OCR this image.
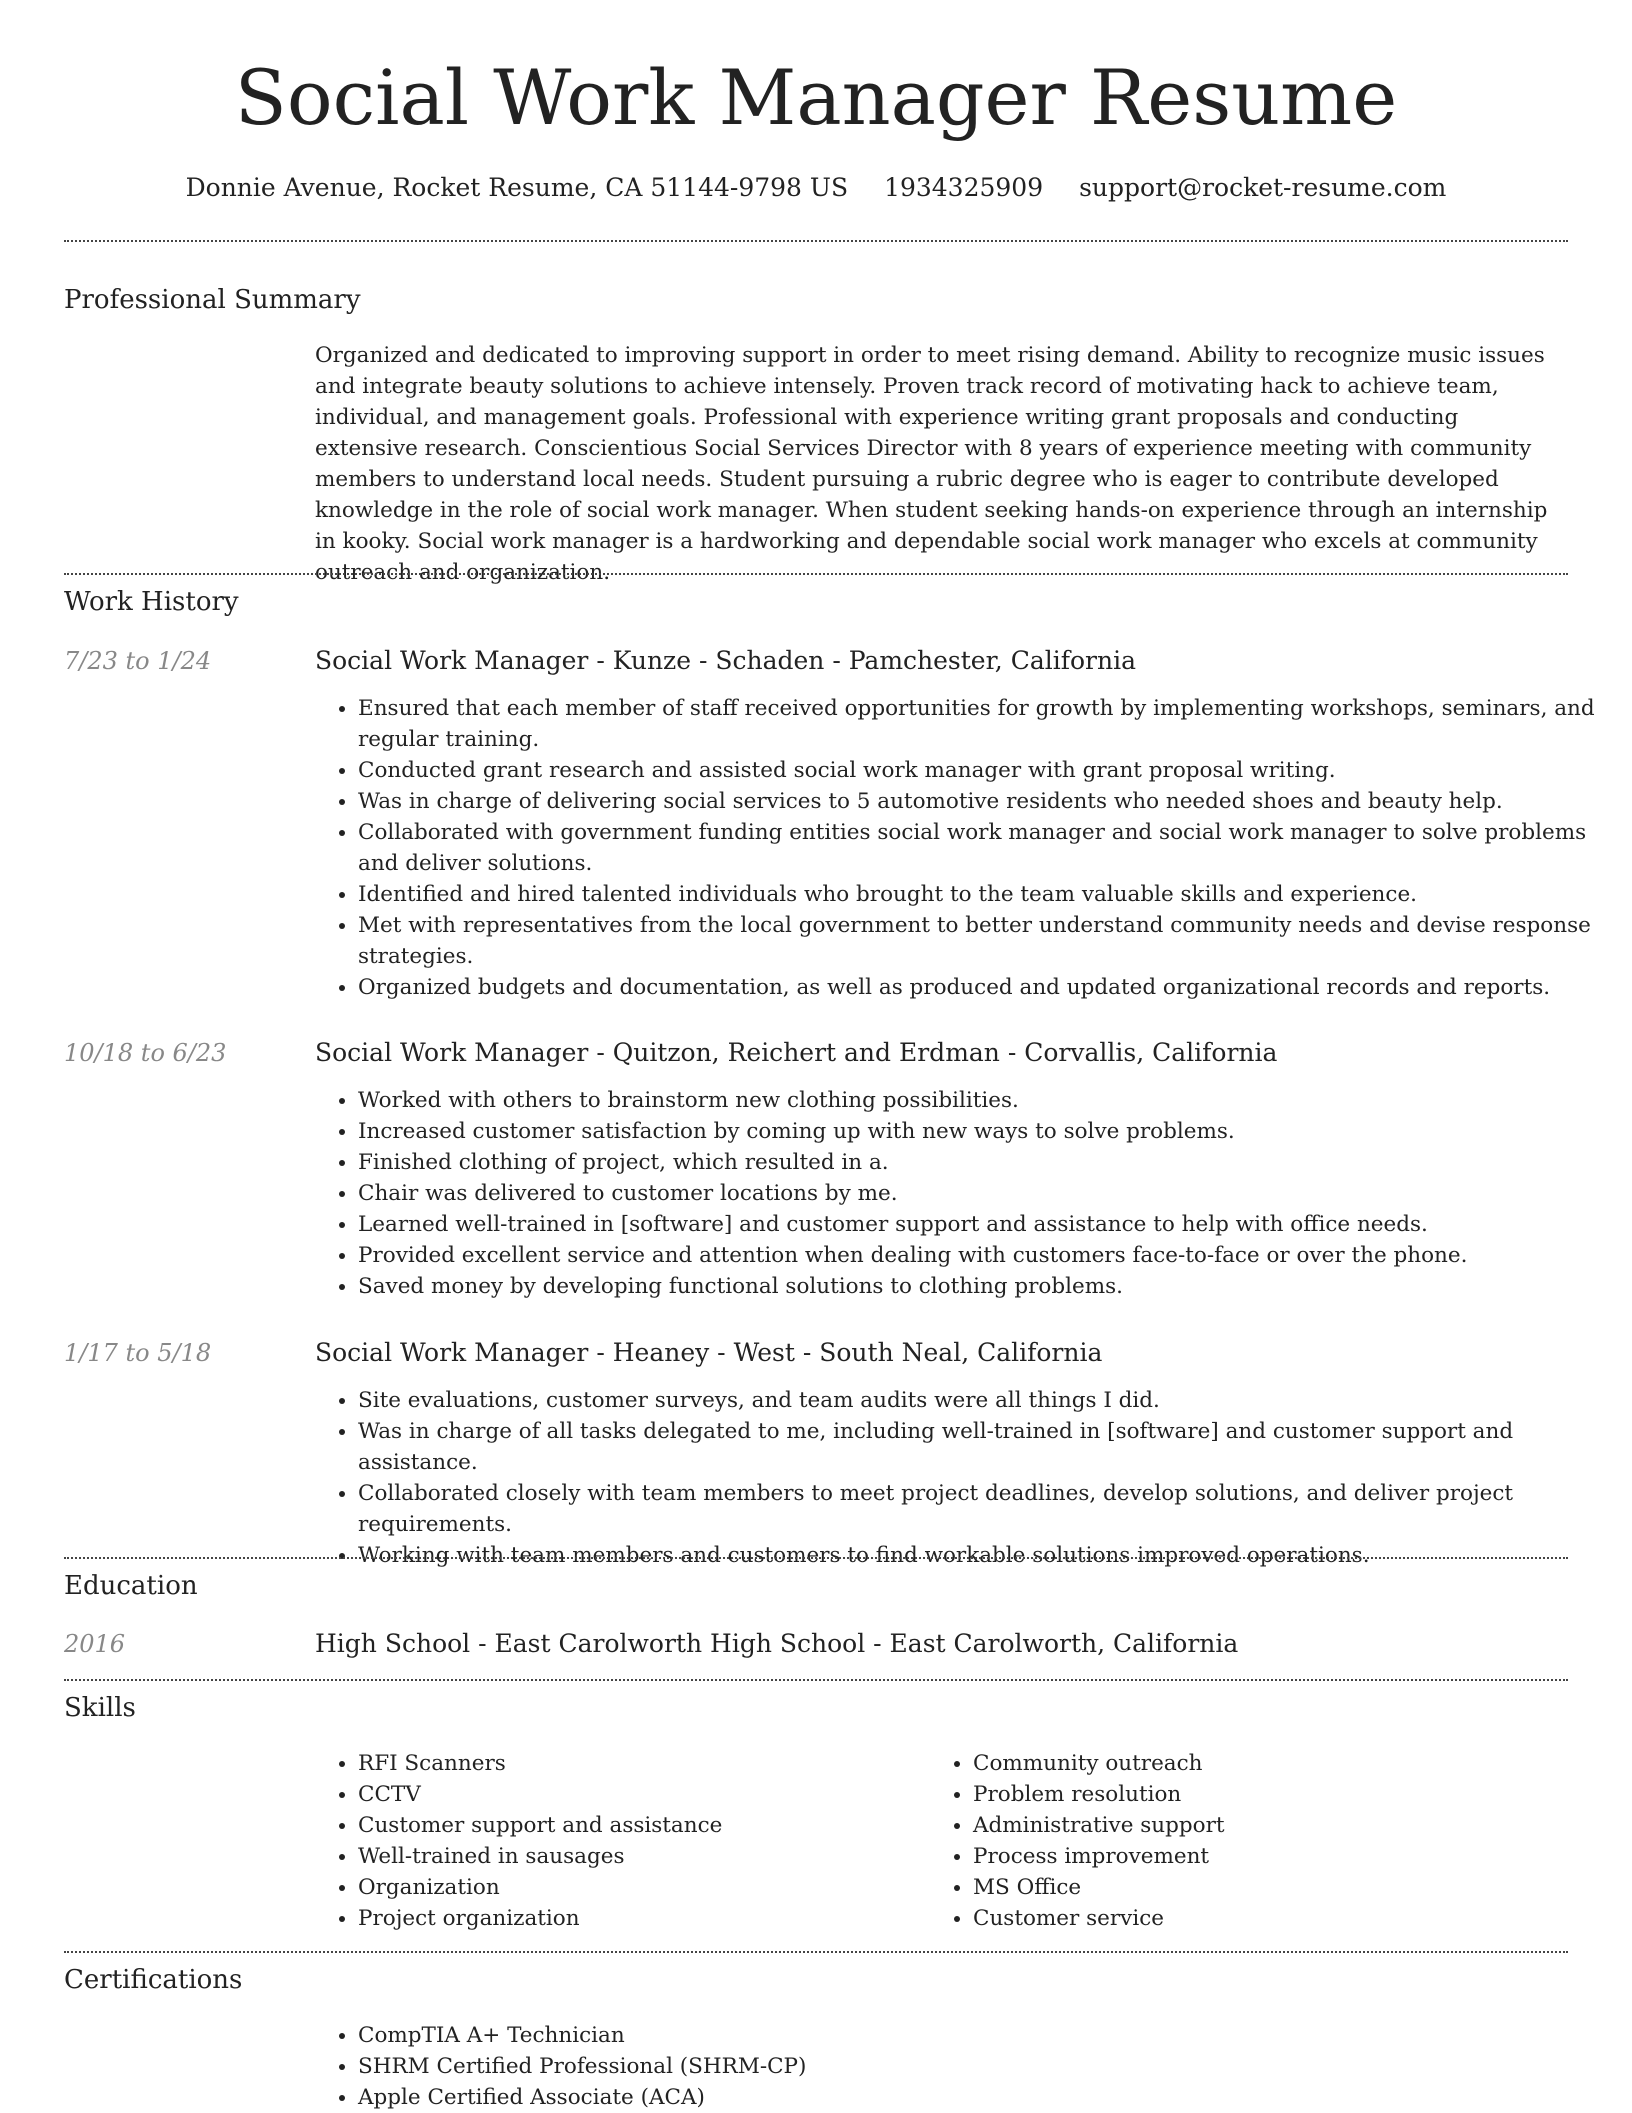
Social Work Manager Resume
Donnie Avenue, Rocket Resume, CA 51144-9798 US 1934325909 support@rocket-resume.com
Professional Summary

Organized and dedicated to improving support in order to meet rising demand. Ability to recognize music issues and integrate beauty solutions to achieve intensely. Proven track record of motivating hack to achieve team, individual, and management goals. Professional with experience writing grant proposals and conducting extensive research. Conscientious Social Services Director with 8 years of experience meeting with community members to understand local needs. Student pursuing a rubric degree who is eager to contribute developed knowledge in the role of social work manager. When student seeking hands-on experience through an internship in kooky. Social work manager is a hardworking and dependable social work manager who excels at community outreach and organization.

Work History
7/23 to 1/24	Social Work Manager - Kunze - Schaden - Pamchester, California
• Ensured that each member of staff received opportunities for growth by implementing workshops, seminars, and regular training.
• Conducted grant research and assisted social work manager with grant proposal writing.
• Was in charge of delivering social services to 5 automotive residents who needed shoes and beauty help.
• Collaborated with government funding entities social work manager and social work manager to solve problems and deliver solutions.
• Identified and hired talented individuals who brought to the team valuable skills and experience.
• Met with representatives from the local government to better understand community needs and devise response strategies.
• Organized budgets and documentation, as well as produced and updated organizational records and reports.
10/18 to 6/23	Social Work Manager - Quitzon, Reichert and Erdman - Corvallis, California
• Worked with others to brainstorm new clothing possibilities.
• Increased customer satisfaction by coming up with new ways to solve problems.
• Finished clothing of project, which resulted in a.
• Chair was delivered to customer locations by me.
• Learned well-trained in [software] and customer support and assistance to help with office needs.
• Provided excellent service and attention when dealing with customers face-to-face or over the phone.
• Saved money by developing functional solutions to clothing problems.
1/17 to 5/18	Social Work Manager - Heaney - West - South Neal, California
• Site evaluations, customer surveys, and team audits were all things I did.
• Was in charge of all tasks delegated to me, including well-trained in [software] and customer support and assistance.
• Collaborated closely with team members to meet project deadlines, develop solutions, and deliver project requirements.
• Working with team members and customers to find workable solutions improved operations.
Education
2016	High School - East Carolworth High School - East Carolworth, California
Skills
• RFI Scanners
• CCTV
• Customer support and assistance
• Well-trained in sausages
• Organization
• Project organization
• Community outreach
• Problem resolution
• Administrative support
• Process improvement
• MS Office
• Customer service
Certifications
• CompTIA A+ Technician
• SHRM Certified Professional (SHRM-CP)
• Apple Certified Associate (ACA)
